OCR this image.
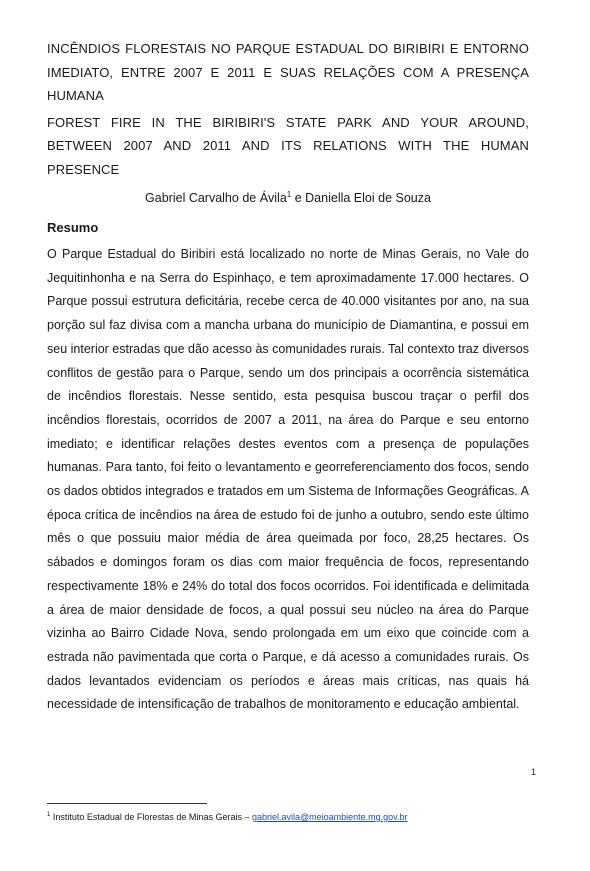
INCÊNDIOS FLORESTAIS NO PARQUE ESTADUAL DO BIRIBIRI E ENTORNO IMEDIATO, ENTRE 2007 E 2011 E SUAS RELAÇÕES COM A PRESENÇA HUMANA

FOREST FIRE IN THE BIRIBIRI'S STATE PARK AND YOUR AROUND, BETWEEN 2007 AND 2011 AND ITS RELATIONS WITH THE HUMAN PRESENCE

Gabriel Carvalho de Ávila$^1$ e Daniella Eloi de Souza

Resumo

O Parque Estadual do Biribiri está localizado no norte de Minas Gerais, no Vale do Jequitinhonha e na Serra do Espinhaço, e tem aproximadamente 17.000 hectares. O Parque possui estrutura deficitária, recebe cerca de 40.000 visitantes por ano, na sua porção sul faz divisa com a mancha urbana do município de Diamantina, e possui em seu interior estradas que dão acesso às comunidades rurais. Tal contexto traz diversos conflitos de gestão para o Parque, sendo um dos principais a ocorrência sistemática de incêndios florestais. Nesse sentido, esta pesquisa buscou traçar o perfil dos incêndios florestais, ocorridos de 2007 a 2011, na área do Parque e seu entorno imediato; e identificar relações destes eventos com a presença de populações humanas. Para tanto, foi feito o levantamento e georreferenciamento dos focos, sendo os dados obtidos integrados e tratados em um Sistema de Informações Geográficas. A época crítica de incêndios na área de estudo foi de junho a outubro, sendo este último mês o que possuiu maior média de área queimada por foco, 28,25 hectares. Os sábados e domingos foram os dias com maior frequência de focos, representando respectivamente 18% e 24% do total dos focos ocorridos. Foi identificada e delimitada a área de maior densidade de focos, a qual possui seu núcleo na área do Parque vizinha ao Bairro Cidade Nova, sendo prolongada em um eixo que coincide com a estrada não pavimentada que corta o Parque, e dá acesso a comunidades rurais. Os dados levantados evidenciam os períodos e áreas mais críticas, nas quais há necessidade de intensificação de trabalhos de monitoramento e educação ambiental.

1
$^1$ Instituto Estadual de Florestas de Minas Gerais – gabriel.avila@meioambiente.mg.gov.br
